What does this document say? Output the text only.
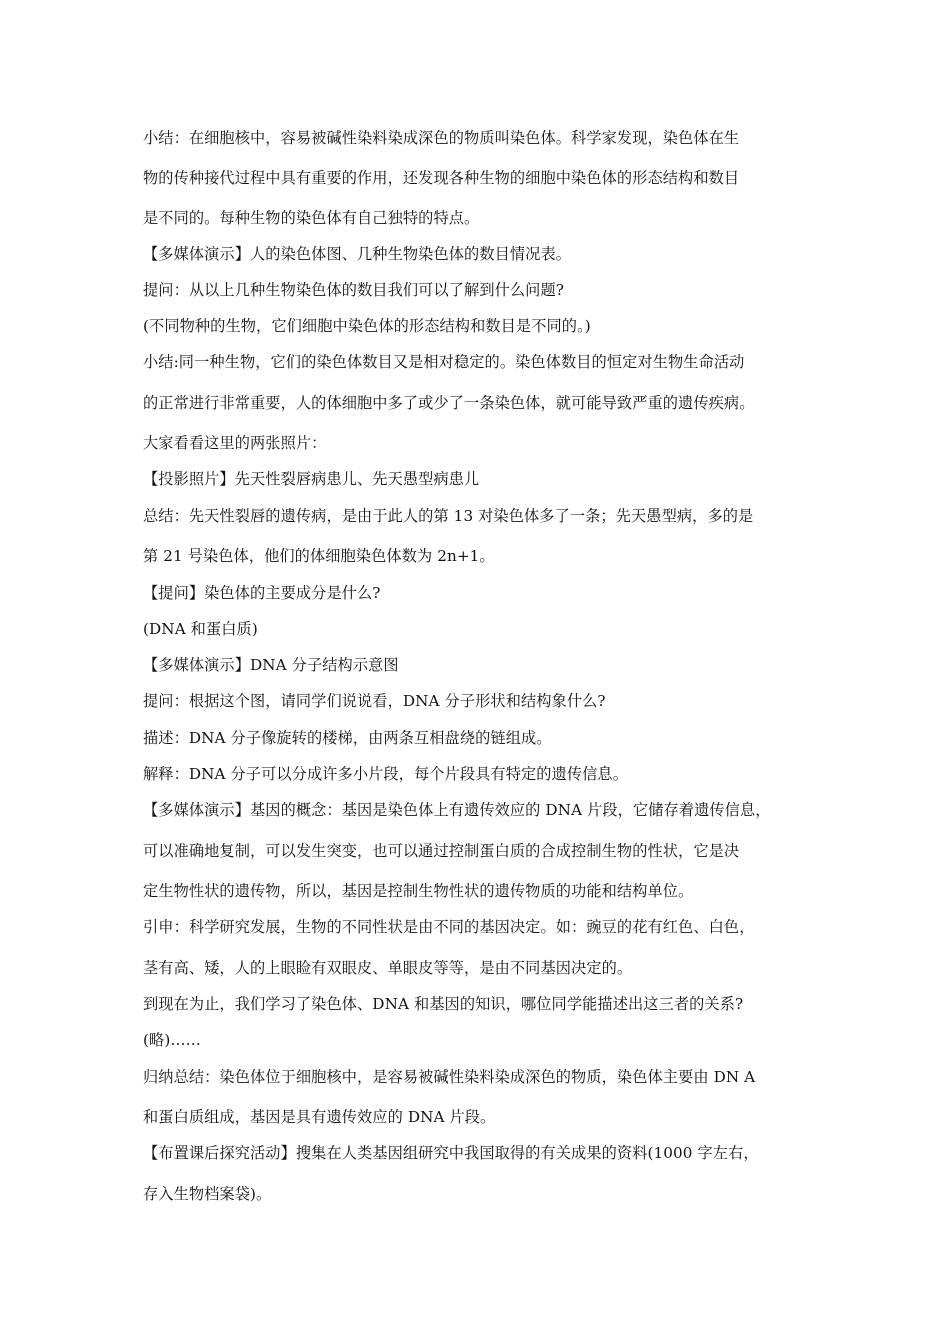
小结：在细胞核中，容易被碱性染料染成深色的物质叫染色体。科学家发现，染色体在生
物的传种接代过程中具有重要的作用，还发现各种生物的细胞中染色体的形态结构和数目
是不同的。每种生物的染色体有自己独特的特点。
【多媒体演示】人的染色体图、几种生物染色体的数目情况表。
提问：从以上几种生物染色体的数目我们可以了解到什么问题?
(不同物种的生物，它们细胞中染色体的形态结构和数目是不同的。)
小结:同一种生物，它们的染色体数目又是相对稳定的。染色体数目的恒定对生物生命活动
的正常进行非常重要，人的体细胞中多了或少了一条染色体，就可能导致严重的遗传疾病。
大家看看这里的两张照片：
【投影照片】先天性裂唇病患儿、先天愚型病患儿
总结：先天性裂唇的遗传病，是由于此人的第 13 对染色体多了一条；先天愚型病，多的是
第 21 号染色体，他们的体细胞染色体数为 2n+1。
【提问】染色体的主要成分是什么?
(DNA 和蛋白质)
【多媒体演示】DNA 分子结构示意图
提问：根据这个图，请同学们说说看，DNA 分子形状和结构象什么?
描述：DNA 分子像旋转的楼梯，由两条互相盘绕的链组成。
解释：DNA 分子可以分成许多小片段，每个片段具有特定的遗传信息。
【多媒体演示】基因的概念：基因是染色体上有遗传效应的 DNA 片段，它储存着遗传信息，
可以准确地复制，可以发生突变，也可以通过控制蛋白质的合成控制生物的性状，它是决
定生物性状的遗传物，所以，基因是控制生物性状的遗传物质的功能和结构单位。
引申：科学研究发展，生物的不同性状是由不同的基因决定。如：豌豆的花有红色、白色，
茎有高、矮，人的上眼睑有双眼皮、单眼皮等等，是由不同基因决定的。
到现在为止，我们学习了染色体、DNA 和基因的知识，哪位同学能描述出这三者的关系?
(略)……
归纳总结：染色体位于细胞核中，是容易被碱性染料染成深色的物质，染色体主要由 DN A
和蛋白质组成，基因是具有遗传效应的 DNA 片段。
【布置课后探究活动】搜集在人类基因组研究中我国取得的有关成果的资料(1000 字左右，
存入生物档案袋)。
